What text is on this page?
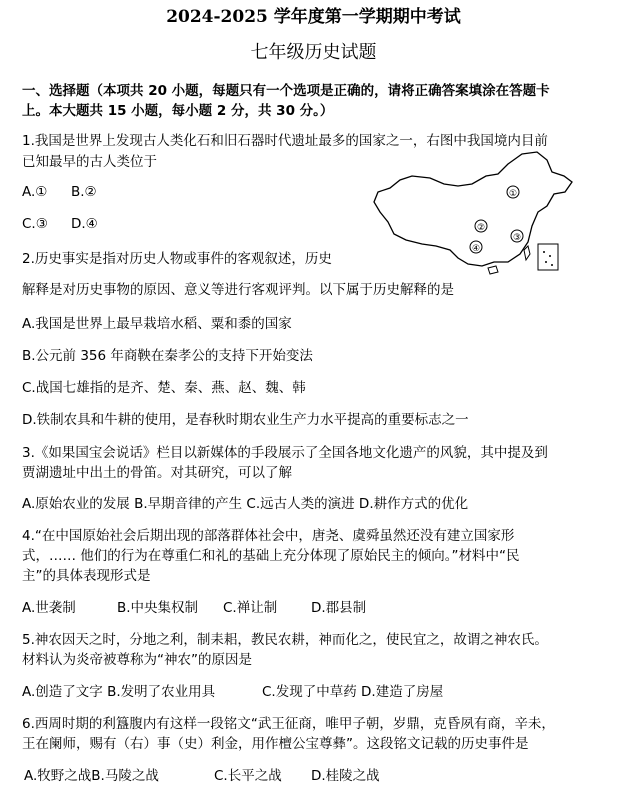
2024-2025 学年度第一学期期中考试
七年级历史试题
一、选择题（本项共 20 小题，每题只有一个选项是正确的，请将正确答案填涂在答题卡
上。本大题共 15 小题，每小题 2 分，共 30 分。）
1.我国是世界上发现古人类化石和旧石器时代遗址最多的国家之一，右图中我国境内目前
已知最早的古人类位于
A.① B.②
C.③ D.④
①
②
③
④
2.历史事实是指对历史人物或事件的客观叙述，历史
解释是对历史事物的原因、意义等进行客观评判。以下属于历史解释的是
A.我国是世界上最早栽培水稻、粟和黍的国家
B.公元前 356 年商鞅在秦孝公的支持下开始变法
C.战国七雄指的是齐、楚、秦、燕、赵、魏、韩
D.铁制农具和牛耕的使用，是春秋时期农业生产力水平提高的重要标志之一
3.《如果国宝会说话》栏目以新媒体的手段展示了全国各地文化遗产的风貌，其中提及到
贾湖遗址中出土的骨笛。对其研究，可以了解
A.原始农业的发展 B.早期音律的产生 C.远古人类的演进 D.耕作方式的优化
4.“在中国原始社会后期出现的部落群体社会中，唐尧、虞舜虽然还没有建立国家形
式，…… 他们的行为在尊重仁和礼的基础上充分体现了原始民主的倾向。”材料中“民
主”的具体表现形式是
A.世袭制	B.中央集权制 C.禅让制	D.郡县制
5.神农因天之时，分地之利，制耒耜，教民农耕，神而化之，使民宜之，故谓之神农氏。
材料认为炎帝被尊称为“神农”的原因是
A.创造了文字 B.发明了农业用具	C.发现了中草药 D.建造了房屋
6.西周时期的利簋腹内有这样一段铭文“武王征商，唯甲子朝，岁鼎，克昏夙有商，辛未，
王在阑师，赐有（右）事（史）利金，用作檀公宝尊彝”。这段铭文记载的历史事件是
A.牧野之战B.马陵之战	C.长平之战 D.桂陵之战
